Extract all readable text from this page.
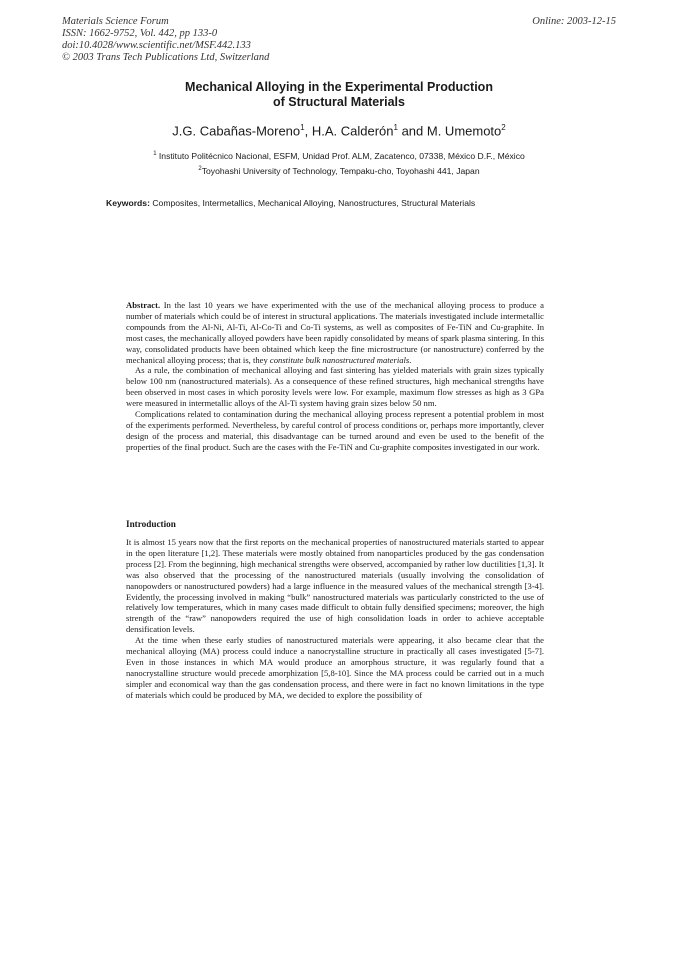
Materials Science Forum
ISSN: 1662-9752, Vol. 442, pp 133-0
doi:10.4028/www.scientific.net/MSF.442.133
© 2003 Trans Tech Publications Ltd, Switzerland
Online: 2003-12-15
Mechanical Alloying in the Experimental Production
of Structural Materials
J.G. Cabañas-Moreno$^1$, H.A. Calderón$^1$ and M. Umemoto$^2$
$^1$ Instituto Politécnico Nacional, ESFM, Unidad Prof. ALM, Zacatenco, 07338, México D.F., México
$^2$Toyohashi University of Technology, Tempaku-cho, Toyohashi 441, Japan
Keywords: Composites, Intermetallics, Mechanical Alloying, Nanostructures, Structural Materials

Abstract. In the last 10 years we have experimented with the use of the mechanical alloying process to produce a number of materials which could be of interest in structural applications. The materials investigated include intermetallic compounds from the Al-Ni, Al-Ti, Al-Co-Ti and Co-Ti systems, as well as composites of Fe-TiN and Cu-graphite. In most cases, the mechanically alloyed powders have been rapidly consolidated by means of spark plasma sintering. In this way, consolidated products have been obtained which keep the fine microstructure (or nanostructure) conferred by the mechanical alloying process; that is, they constitute bulk nanostructured materials.

As a rule, the combination of mechanical alloying and fast sintering has yielded materials with grain sizes typically below 100 nm (nanostructured materials). As a consequence of these refined structures, high mechanical strengths have been observed in most cases in which porosity levels were low. For example, maximum flow stresses as high as 3 GPa were measured in intermetallic alloys of the Al-Ti system having grain sizes below 50 nm.

Complications related to contamination during the mechanical alloying process represent a potential problem in most of the experiments performed. Nevertheless, by careful control of process conditions or, perhaps more importantly, clever design of the process and material, this disadvantage can be turned around and even be used to the benefit of the properties of the final product. Such are the cases with the Fe-TiN and Cu-graphite composites investigated in our work.

Introduction

It is almost 15 years now that the first reports on the mechanical properties of nanostructured materials started to appear in the open literature [1,2]. These materials were mostly obtained from nanoparticles produced by the gas condensation process [2]. From the beginning, high mechanical strengths were observed, accompanied by rather low ductilities [1,3]. It was also observed that the processing of the nanostructured materials (usually involving the consolidation of nanopowders or nanostructured powders) had a large influence in the measured values of the mechanical strength [3-4]. Evidently, the processing involved in making “bulk” nanostructured materials was particularly constricted to the use of relatively low temperatures, which in many cases made difficult to obtain fully densified specimens; moreover, the high strength of the “raw” nanopowders required the use of high consolidation loads in order to achieve acceptable densification levels.

At the time when these early studies of nanostructured materials were appearing, it also became clear that the mechanical alloying (MA) process could induce a nanocrystalline structure in practically all cases investigated [5-7]. Even in those instances in which MA would produce an amorphous structure, it was regularly found that a nanocrystalline structure would precede amorphization [5,8-10]. Since the MA process could be carried out in a much simpler and economical way than the gas condensation process, and there were in fact no known limitations in the type of materials which could be produced by MA, we decided to explore the possibility of
